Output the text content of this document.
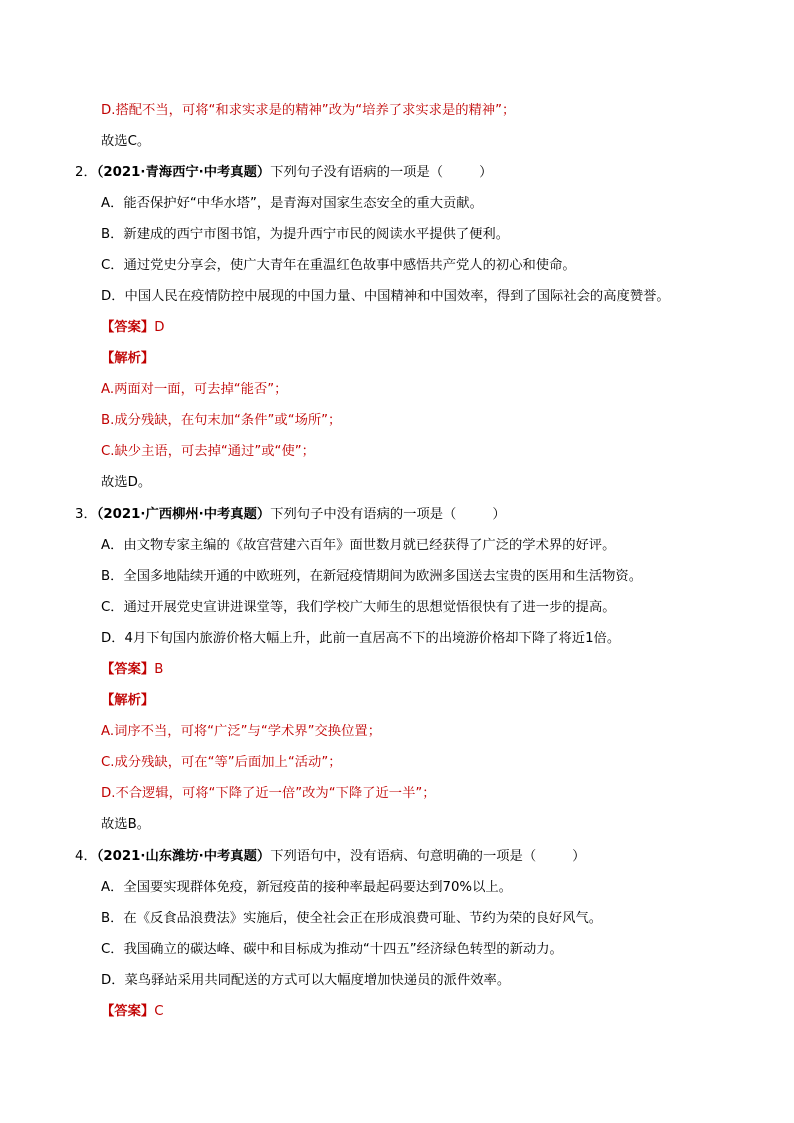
D.搭配不当，可将“和求实求是的精神”改为“培养了求实求是的精神”；
故选C。
2．（2021·青海西宁·中考真题）下列句子没有语病的一项是（	）
A．能否保护好“中华水塔”，是青海对国家生态安全的重大贡献。
B．新建成的西宁市图书馆，为提升西宁市民的阅读水平提供了便利。
C．通过党史分享会，使广大青年在重温红色故事中感悟共产党人的初心和使命。
D．中国人民在疫情防控中展现的中国力量、中国精神和中国效率，得到了国际社会的高度赞誉。
【答案】D
【解析】
A.两面对一面，可去掉“能否”；
B.成分残缺，在句末加“条件”或“场所”；
C.缺少主语，可去掉“通过”或“使”；
故选D。
3．（2021·广西柳州·中考真题）下列句子中没有语病的一项是（	）
A．由文物专家主编的《故宫营建六百年》面世数月就已经获得了广泛的学术界的好评。
B．全国多地陆续开通的中欧班列，在新冠疫情期间为欧洲多国送去宝贵的医用和生活物资。
C．通过开展党史宣讲进课堂等，我们学校广大师生的思想觉悟很快有了进一步的提高。
D．4月下旬国内旅游价格大幅上升，此前一直居高不下的出境游价格却下降了将近1倍。
【答案】B
【解析】
A.词序不当，可将“广泛”与“学术界”交换位置；
C.成分残缺，可在“等”后面加上“活动”；
D.不合逻辑，可将“下降了近一倍”改为“下降了近一半”；
故选B。
4．（2021·山东潍坊·中考真题）下列语句中，没有语病、句意明确的一项是（	）
A．全国要实现群体免疫，新冠疫苗的接种率最起码要达到70%以上。
B．在《反食品浪费法》实施后，使全社会正在形成浪费可耻、节约为荣的良好风气。
C．我国确立的碳达峰、碳中和目标成为推动“十四五”经济绿色转型的新动力。
D．菜鸟驿站采用共同配送的方式可以大幅度增加快递员的派件效率。
【答案】C
